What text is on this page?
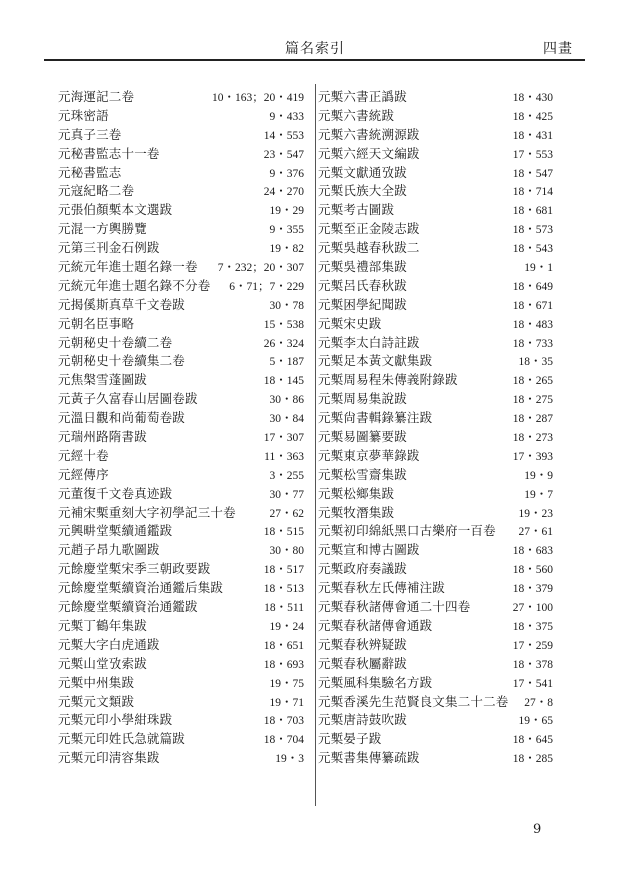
篇名索引	四畫
元海運記二卷	10・163；20・419
元珠密語	9・433
元真子三卷	14・553
元秘書監志十一卷	23・547
元秘書監志	9・376
元寇紀略二卷	24・270
元張伯顏槧本文選跋	19・29
元混一方輿勝覽	9・355
元第三刊金石例跋	19・82
元統元年進士題名錄一卷 7・232；20・307
元統元年進士題名錄不分卷 6・71；7・229
元揭傒斯真草千文卷跋	30・78
元朝名臣事略	15・538
元朝秘史十卷續二卷	26・324
元朝秘史十卷續集二卷	5・187
元焦槃雪蓬圖跋	18・145
元黃子久富春山居圖卷跋	30・86
元溫日觀和尚葡萄卷跋	30・84
元瑞州路隋書跋	17・307
元經十卷	11・363
元經傳序	3・255
元董復千文卷真迹跋	30・77
元補宋槧重刻大字初學記三十卷	27・62
元興畊堂槧續通鑑跋	18・515
元趙子昂九歌圖跋	30・80
元餘慶堂槧宋季三朝政要跋	18・517
元餘慶堂槧續資治通鑑后集跋	18・513
元餘慶堂槧續資治通鑑跋	18・511
元槧丁鶴年集跋	19・24
元槧大字白虎通跋	18・651
元槧山堂攷索跋	18・693
元槧中州集跋	19・75
元槧元文類跋	19・71
元槧元印小學紺珠跋	18・703
元槧元印姓氏急就篇跋	18・704
元槧元印淸容集跋	19・3
元槧六書正譌跋	18・430
元槧六書統跋	18・425
元槧六書統溯源跋	18・431
元槧六經天文編跋	17・553
元槧文獻通攷跋	18・547
元槧氏族大全跋	18・714
元槧考古圖跋	18・681
元槧至正金陵志跋	18・573
元槧吳越春秋跋二	18・543
元槧吳禮部集跋	19・1
元槧呂氏春秋跋	18・649
元槧困學紀聞跋	18・671
元槧宋史跋	18・483
元槧李太白詩註跋	18・733
元槧足本黃文獻集跋	18・35
元槧周易程朱傳義附錄跋	18・265
元槧周易集說跋	18・275
元槧尙書輯錄纂注跋	18・287
元槧易圖纂要跋	18・273
元槧東京夢華錄跋	17・393
元槧松雪齋集跋	19・9
元槧松鄉集跋	19・7
元槧牧潛集跋	19・23
元槧初印綿紙黑口古樂府一百卷 27・61
元槧宣和博古圖跋	18・683
元槧政府奏議跋	18・560
元槧春秋左氏傳補注跋	18・379
元槧春秋諸傳會通二十四卷	27・100
元槧春秋諸傳會通跋	18・375
元槧春秋辨疑跋	17・259
元槧春秋屬辭跋	18・378
元槧風科集驗名方跋	17・541
元槧香溪先生范賢良文集二十二卷 27・8
元槧唐詩鼓吹跋	19・65
元槧晏子跋	18・645
元槧書集傳纂疏跋	18・285
9
